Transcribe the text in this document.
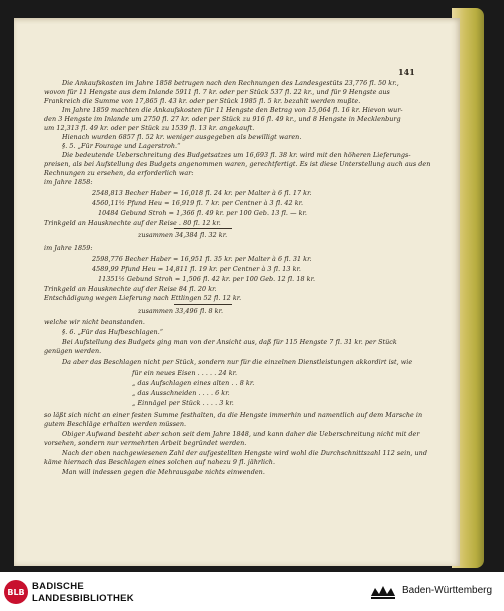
141
Die Ankaufskosten im Jahre 1858 betrugen nach den Rechnungen des Landesgestüts 23,776 fl. 50 kr.,
wovon für 11 Hengste aus dem Inlande 5911 fl. 7 kr. oder per Stück 537 fl. 22 kr., und für 9 Hengste aus
Frankreich die Summe von 17,865 fl. 43 kr. oder per Stück 1985 fl. 5 kr. bezahlt werden mußte.
Im Jahre 1859 machten die Ankaufskosten für 11 Hengste den Betrag von 15,064 fl. 16 kr. Hievon wur-
den 3 Hengste im Inlande um 2750 fl. 27 kr. oder per Stück zu 916 fl. 49 kr., und 8 Hengste in Mecklenburg
um 12,313 fl. 49 kr. oder per Stück zu 1539 fl. 13 kr. angekauft.
Hienach wurden 6857 fl. 52 kr. weniger ausgegeben als bewilligt waren.
§. 5. „Für Fourage und Lagerstroh.“
Die bedeutende Ueberschreitung des Budgetsatzes um 16,693 fl. 38 kr. wird mit den höheren Lieferungs-
preisen, als bei Aufstellung des Budgets angenommen waren, gerechtfertigt. Es ist diese Unterstellung auch aus den
Rechnungen zu ersehen, da erforderlich war:
im Jahre 1858:
2548,813 Becher Haber = 16,018 fl. 24 kr. per Malter à 6 fl. 17 kr.
4560,11½ Pfund Heu = 16,919 fl. 7 kr. per Centner à 3 fl. 42 kr.
10484 Gebund Stroh = 1,366 fl. 49 kr. per 100 Geb. 13 fl. — kr.
Trinkgeld an Hausknechte auf der Reise . 80 fl. 12 kr.
zusammen 34,384 fl. 32 kr.
im Jahre 1859:
2598,776 Becher Haber = 16,951 fl. 35 kr. per Malter à 6 fl. 31 kr.
4589,99 Pfund Heu = 14,811 fl. 19 kr. per Centner à 3 fl. 13 kr.
11351½ Gebund Stroh = 1,506 fl. 42 kr. per 100 Geb. 12 fl. 18 kr.
Trinkgeld an Hausknechte auf der Reise 84 fl. 20 kr.
Entschädigung wegen Lieferung nach Ettlingen 52 fl. 12 kr.
zusammen 33,496 fl. 8 kr.
welche wir nicht beanstanden.
§. 6. „Für das Hufbeschlagen.“
Bei Aufstellung des Budgets ging man von der Ansicht aus, daß für 115 Hengste 7 fl. 31 kr. per Stück
genügen werden.
Da aber das Beschlagen nicht per Stück, sondern nur für die einzelnen Dienstleistungen akkordirt ist, wie
für ein neues Eisen . . . . . 24 kr.
„ das Aufschlagen eines alten . . 8 kr.
„ das Ausschneiden . . . . 6 kr.
„ Einnägel per Stück . . . . 3 kr.
so läßt sich nicht an einer festen Summe festhalten, da die Hengste immerhin und namentlich auf dem Marsche in
gutem Beschläge erhalten werden müssen.
Obiger Aufwand besteht aber schon seit dem Jahre 1848, und kann daher die Ueberschreitung nicht mit der
vorsehen, sondern nur vermehrten Arbeit begründet werden.
Nach der oben nachgewiesenen Zahl der aufgestellten Hengste wird wohl die Durchschnittszahl 112 sein, und
käme hiernach das Beschlagen eines solchen auf nahezu 9 fl. jährlich.
Man will indessen gegen die Mehrausgabe nichts einwenden.
BLB BADISCHE
LANDESBIBLIOTHEK
Baden-Württemberg
